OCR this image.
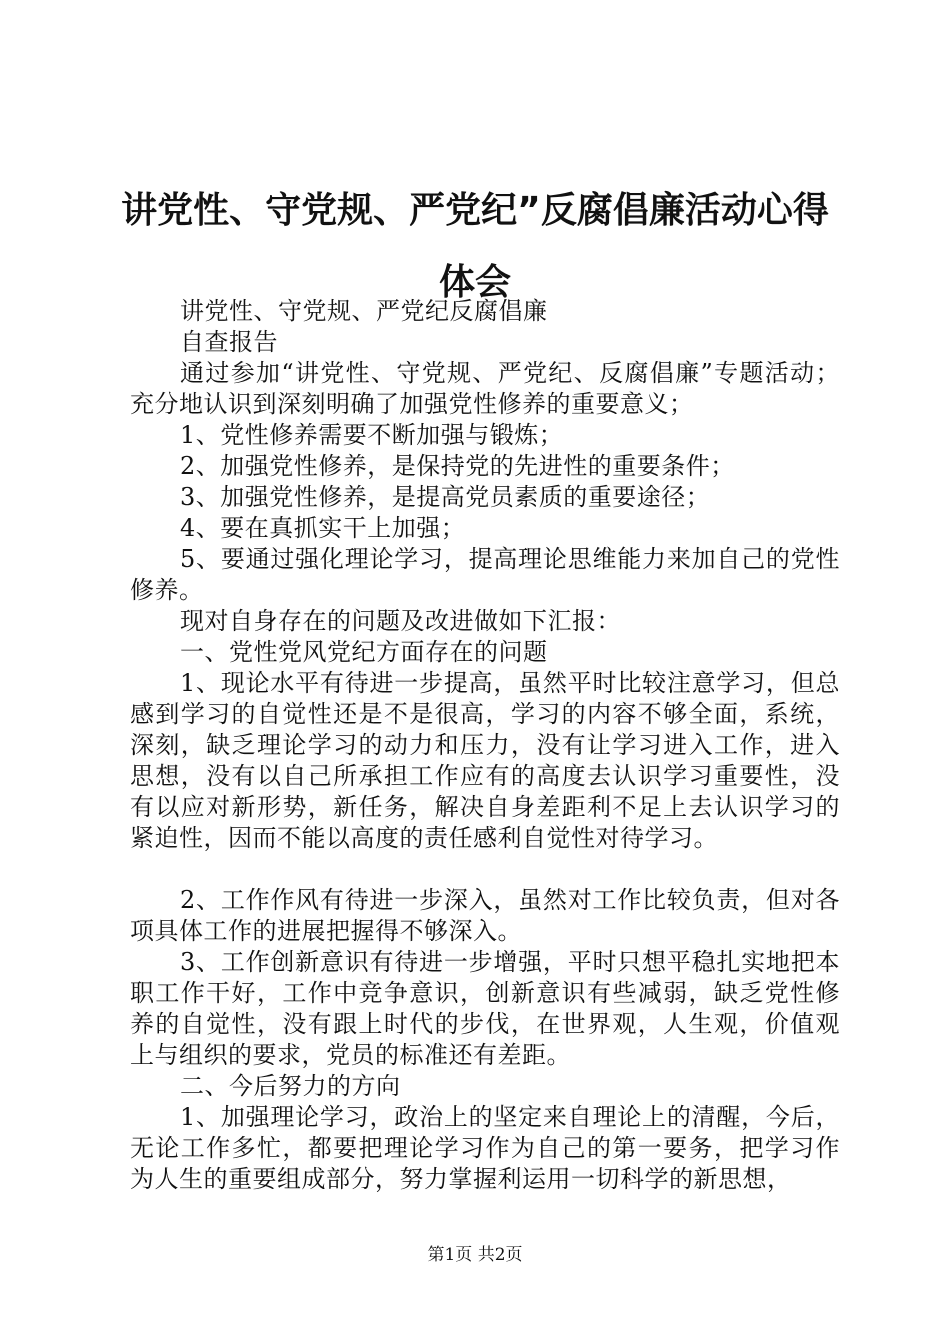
讲党性、守党规、严党纪”反腐倡廉活动心得
体会

讲党性、守党规、严党纪反腐倡廉

自查报告

通过参加“讲党性、守党规、严党纪、反腐倡廉”专题活动；充分地认识到深刻明确了加强党性修养的重要意义；

1、党性修养需要不断加强与锻炼；

2、加强党性修养，是保持党的先进性的重要条件；

3、加强党性修养，是提高党员素质的重要途径；

4、要在真抓实干上加强；

5、要通过强化理论学习，提高理论思维能力来加自己的党性修养。

现对自身存在的问题及改进做如下汇报：

一、党性党风党纪方面存在的问题

1、现论水平有待进一步提高，虽然平时比较注意学习，但总感到学习的自觉性还是不是很高，学习的内容不够全面，系统，深刻，缺乏理论学习的动力和压力，没有让学习进入工作，进入思想，没有以自己所承担工作应有的高度去认识学习重要性，没有以应对新形势，新任务，解决自身差距利不足上去认识学习的紧迫性，因而不能以高度的责任感利自觉性对待学习。

2、工作作风有待进一步深入，虽然对工作比较负责，但对各项具体工作的进展把握得不够深入。

3、工作创新意识有待进一步增强，平时只想平稳扎实地把本职工作干好，工作中竞争意识，创新意识有些减弱，缺乏党性修养的自觉性，没有跟上时代的步伐，在世界观，人生观，价值观上与组织的要求，党员的标准还有差距。

二、今后努力的方向

1、加强理论学习，政治上的坚定来自理论上的清醒，今后，无论工作多忙，都要把理论学习作为自己的第一要务，把学习作为人生的重要组成部分，努力掌握利运用一切科学的新思想，

第1页 共2页
